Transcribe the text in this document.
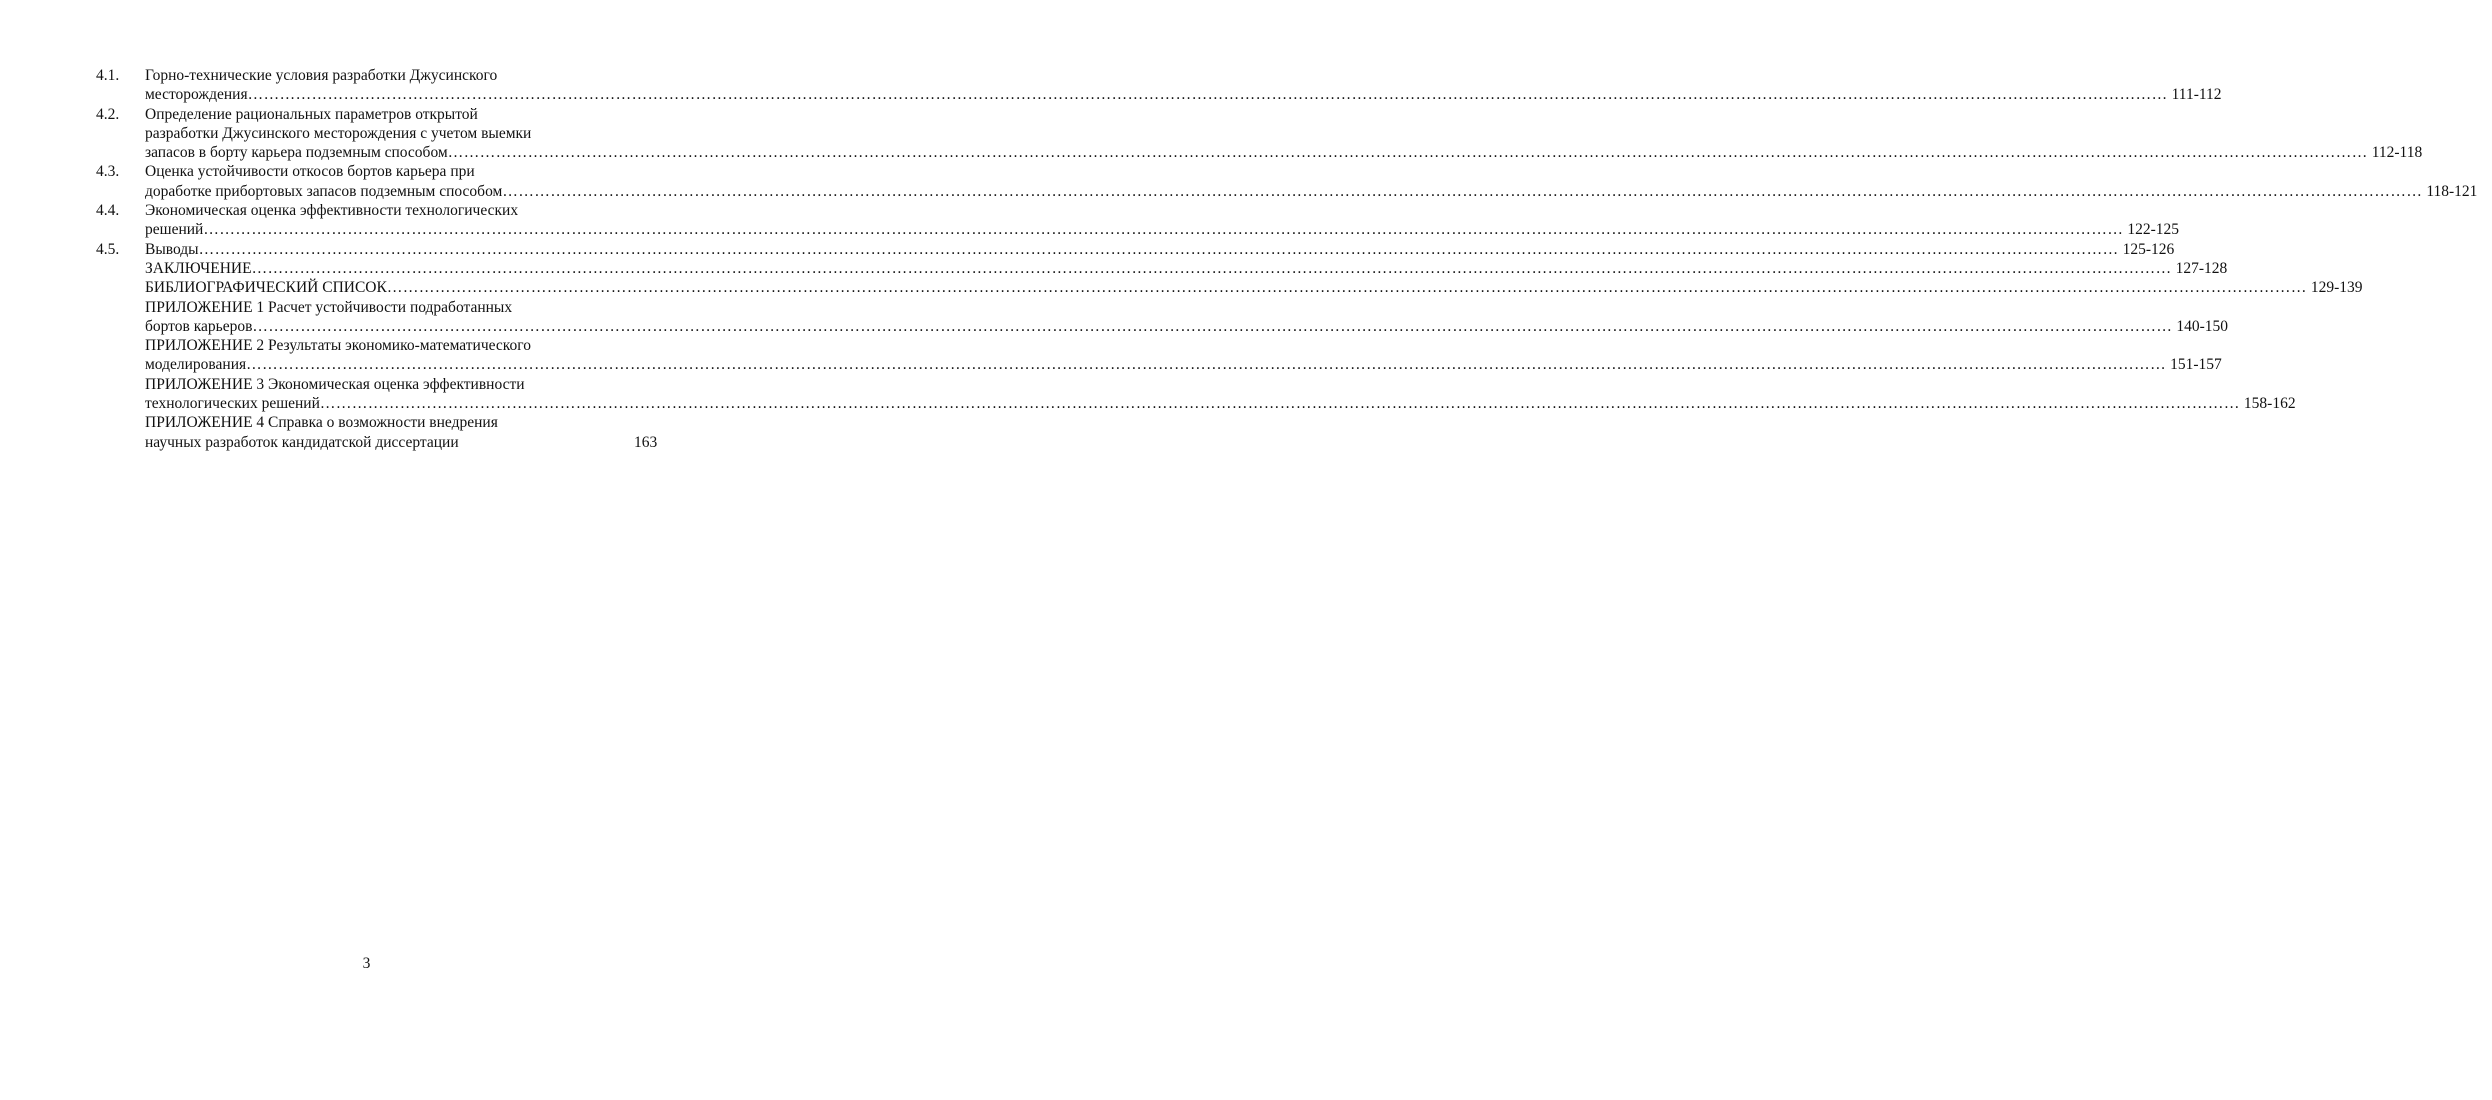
4.1. Горно-технические условия разработки Джусинского
месторождения ……………………………………………………………………………………………………………………………………………………………………………………………………………………………………………………………………………………………………………………………… 111-112
4.2. Определение рациональных параметров открытой
разработки Джусинского месторождения с учетом выемки
запасов в борту карьера подземным способом ……………………………………………………………………………………………………………………………………………………………………………………………………………………………………………………………………………………………………………………………… 112-118
4.3. Оценка устойчивости откосов бортов карьера при
доработке прибортовых запасов подземным способом ……………………………………………………………………………………………………………………………………………………………………………………………………………………………………………………………………………………………………………………………… 118-121
4.4. Экономическая оценка эффективности технологических
решений ……………………………………………………………………………………………………………………………………………………………………………………………………………………………………………………………………………………………………………………………… 122-125
4.5. Выводы ……………………………………………………………………………………………………………………………………………………………………………………………………………………………………………………………………………………………………………………………… 125-126
ЗАКЛЮЧЕНИЕ ……………………………………………………………………………………………………………………………………………………………………………………………………………………………………………………………………………………………………………………………… 127-128
БИБЛИОГРАФИЧЕСКИЙ СПИСОК ……………………………………………………………………………………………………………………………………………………………………………………………………………………………………………………………………………………………………………………………… 129-139
ПРИЛОЖЕНИЕ 1 Расчет устойчивости подработанных
бортов карьеров ……………………………………………………………………………………………………………………………………………………………………………………………………………………………………………………………………………………………………………………………… 140-150
ПРИЛОЖЕНИЕ 2 Результаты экономико-математического
моделирования ……………………………………………………………………………………………………………………………………………………………………………………………………………………………………………………………………………………………………………………………… 151-157
ПРИЛОЖЕНИЕ 3 Экономическая оценка эффективности
технологических решений ……………………………………………………………………………………………………………………………………………………………………………………………………………………………………………………………………………………………………………………………… 158-162
ПРИЛОЖЕНИЕ 4 Справка о возможности внедрения
научных разработок кандидатской диссертации	163
3
